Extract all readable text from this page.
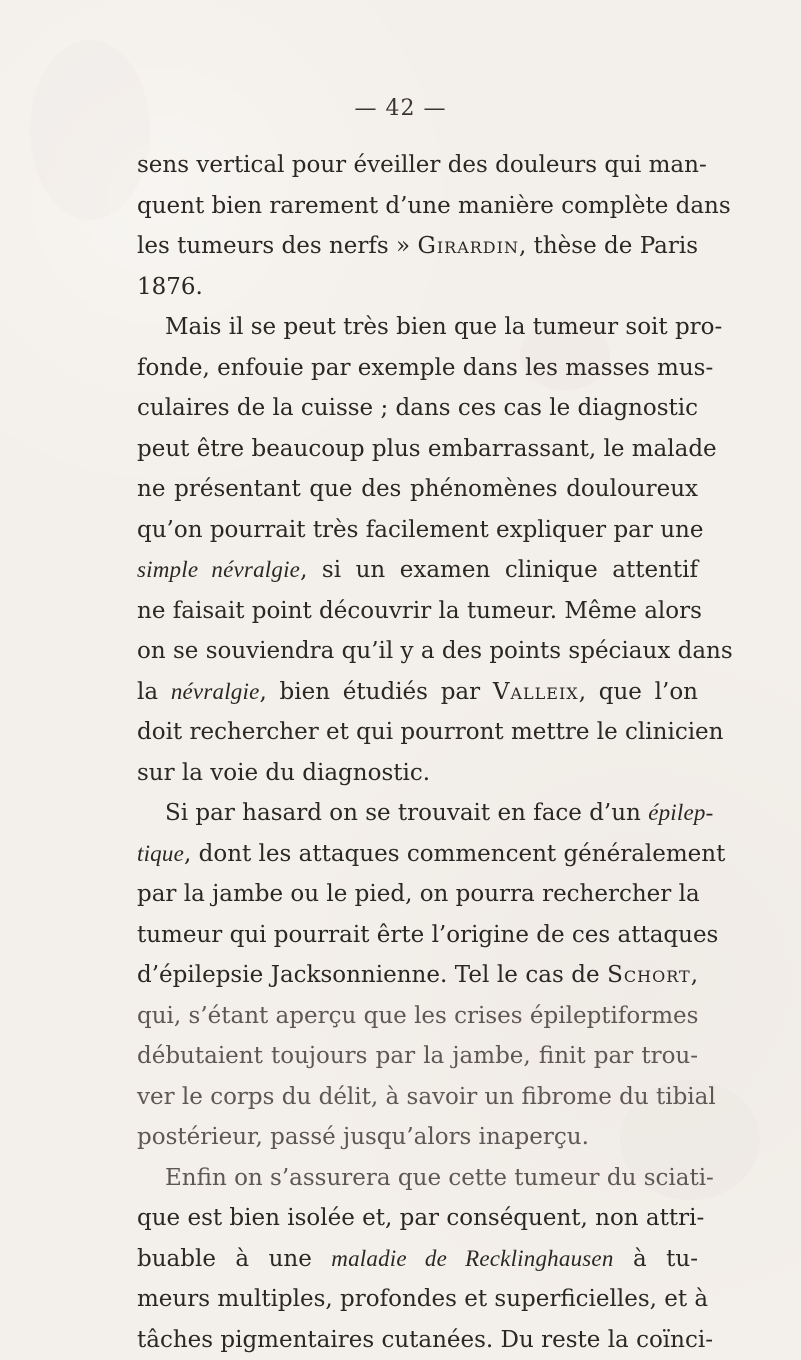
— 42 —
sens vertical pour éveiller des douleurs qui man-
quent bien rarement d’une manière complète dans
les tumeurs des nerfs » Girardin, thèse de Paris
1876.
Mais il se peut très bien que la tumeur soit pro-
fonde, enfouie par exemple dans les masses mus-
culaires de la cuisse ; dans ces cas le diagnostic
peut être beaucoup plus embarrassant, le malade
ne présentant que des phénomènes douloureux
qu’on pourrait très facilement expliquer par une
simple névralgie, si un examen clinique attentif
ne faisait point découvrir la tumeur. Même alors
on se souviendra qu’il y a des points spéciaux dans
la névralgie, bien étudiés par Valleix, que l’on
doit rechercher et qui pourront mettre le clinicien
sur la voie du diagnostic.
Si par hasard on se trouvait en face d’un épilep-
tique, dont les attaques commencent généralement
par la jambe ou le pied, on pourra rechercher la
tumeur qui pourrait êrte l’origine de ces attaques
d’épilepsie Jacksonnienne. Tel le cas de Schort,
qui, s’étant aperçu que les crises épileptiformes
débutaient toujours par la jambe, finit par trou-
ver le corps du délit, à savoir un fibrome du tibial
postérieur, passé jusqu’alors inaperçu.
Enfin on s’assurera que cette tumeur du sciati-
que est bien isolée et, par conséquent, non attri-
buable à une maladie de Recklinghausen à tu-
meurs multiples, profondes et superficielles, et à
tâches pigmentaires cutanées. Du reste la coïnci-
